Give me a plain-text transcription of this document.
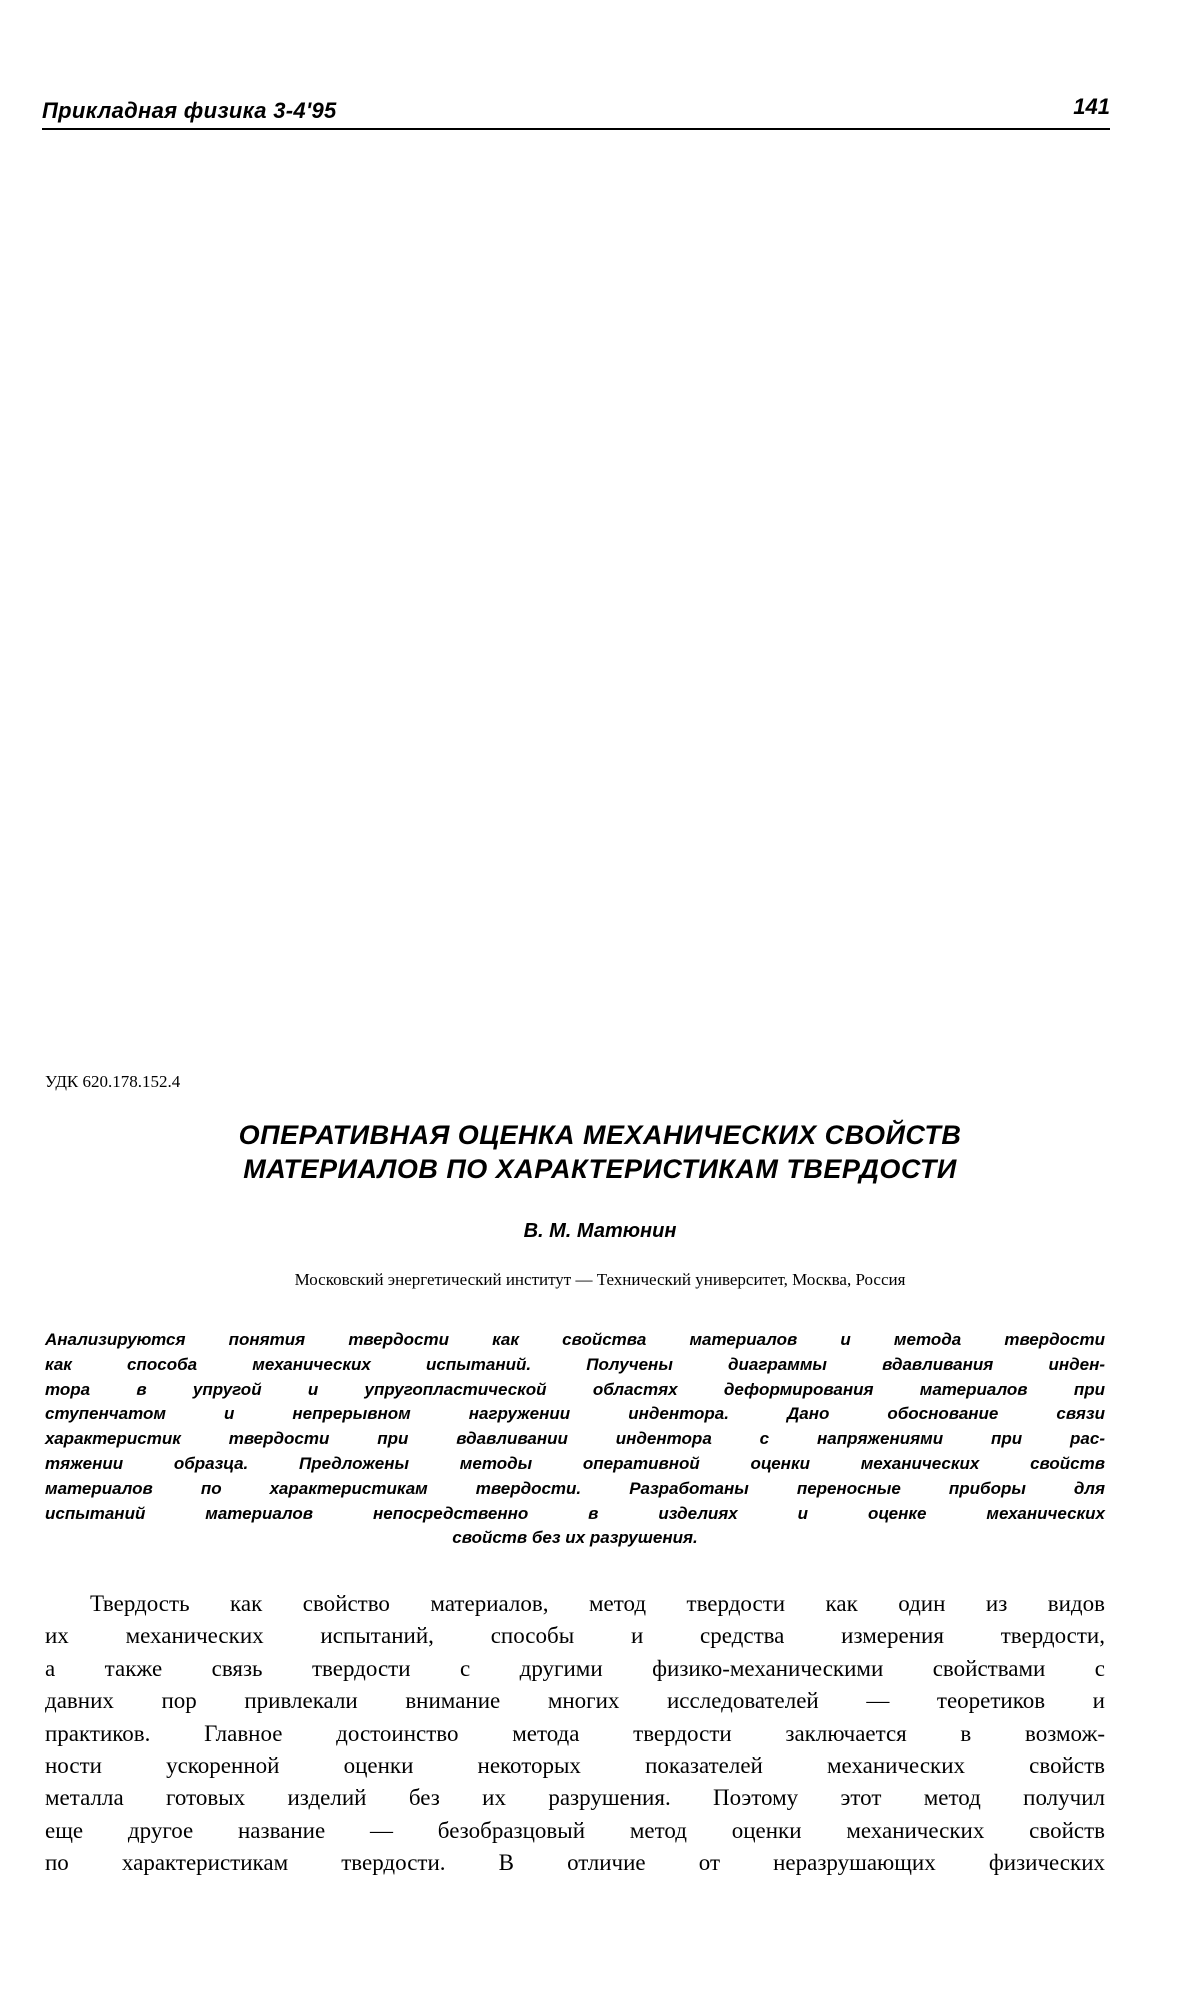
Прикладная физика 3-4'95	141
УДК 620.178.152.4
ОПЕРАТИВНАЯ ОЦЕНКА МЕХАНИЧЕСКИХ СВОЙСТВ
МАТЕРИАЛОВ ПО ХАРАКТЕРИСТИКАМ ТВЕРДОСТИ
В. М. Матюнин
Московский энергетический институт — Технический университет, Москва, Россия
Анализируются понятия твердости как свойства материалов и метода твердости
как способа механических испытаний. Получены диаграммы вдавливания инден-
тора в упругой и упругопластической областях деформирования материалов при
ступенчатом и непрерывном нагружении индентора. Дано обоснование связи
характеристик твердости при вдавливании индентора с напряжениями при рас-
тяжении образца. Предложены методы оперативной оценки механических свойств
материалов по характеристикам твердости. Разработаны переносные приборы для
испытаний материалов непосредственно в изделиях и оценке механических
свойств без их разрушения.
Твердость как свойство материалов, метод твердости как один из видов
их механических испытаний, способы и средства измерения твердости,
а также связь твердости с другими физико-механическими свойствами с
давних пор привлекали внимание многих исследователей — теоретиков и
практиков. Главное достоинство метода твердости заключается в возмож-
ности ускоренной оценки некоторых показателей механических свойств
металла готовых изделий без их разрушения. Поэтому этот метод получил
еще другое название — безобразцовый метод оценки механических свойств
по характеристикам твердости. В отличие от неразрушающих физических
